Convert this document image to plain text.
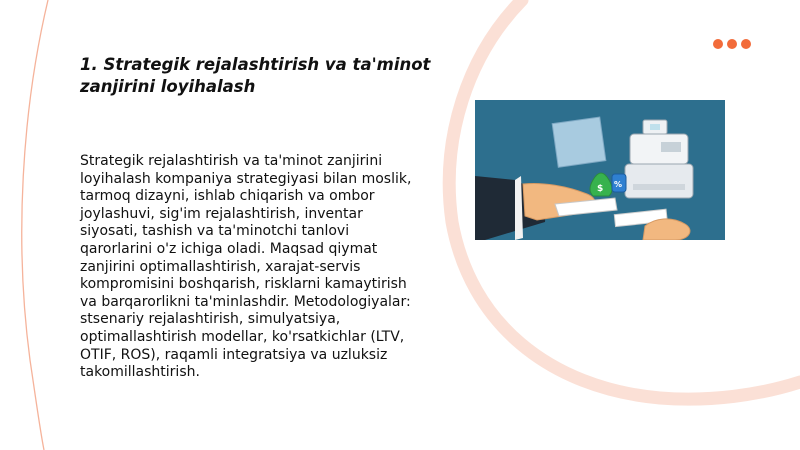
1. Strategik rejalashtirish va ta'minot zanjirini loyihalash

Strategik rejalashtirish va ta'minot zanjirini loyihalash kompaniya strategiyasi bilan moslik, tarmoq dizayni, ishlab chiqarish va ombor joylashuvi, sig'im rejalashtirish, inventar siyosati, tashish va ta'minotchi tanlovi qarorlarini o'z ichiga oladi. Maqsad qiymat zanjirini optimallashtirish, xarajat-servis kompromisini boshqarish, risklarni kamaytirish va barqarorlikni ta'minlashdir. Metodologiyalar: stsenariy rejalashtirish, simulyatsiya, optimallashtirish modellar, ko'rsatkichlar (LTV, OTIF, ROS), raqamli integratsiya va uzluksiz takomillashtirish.

$ %
